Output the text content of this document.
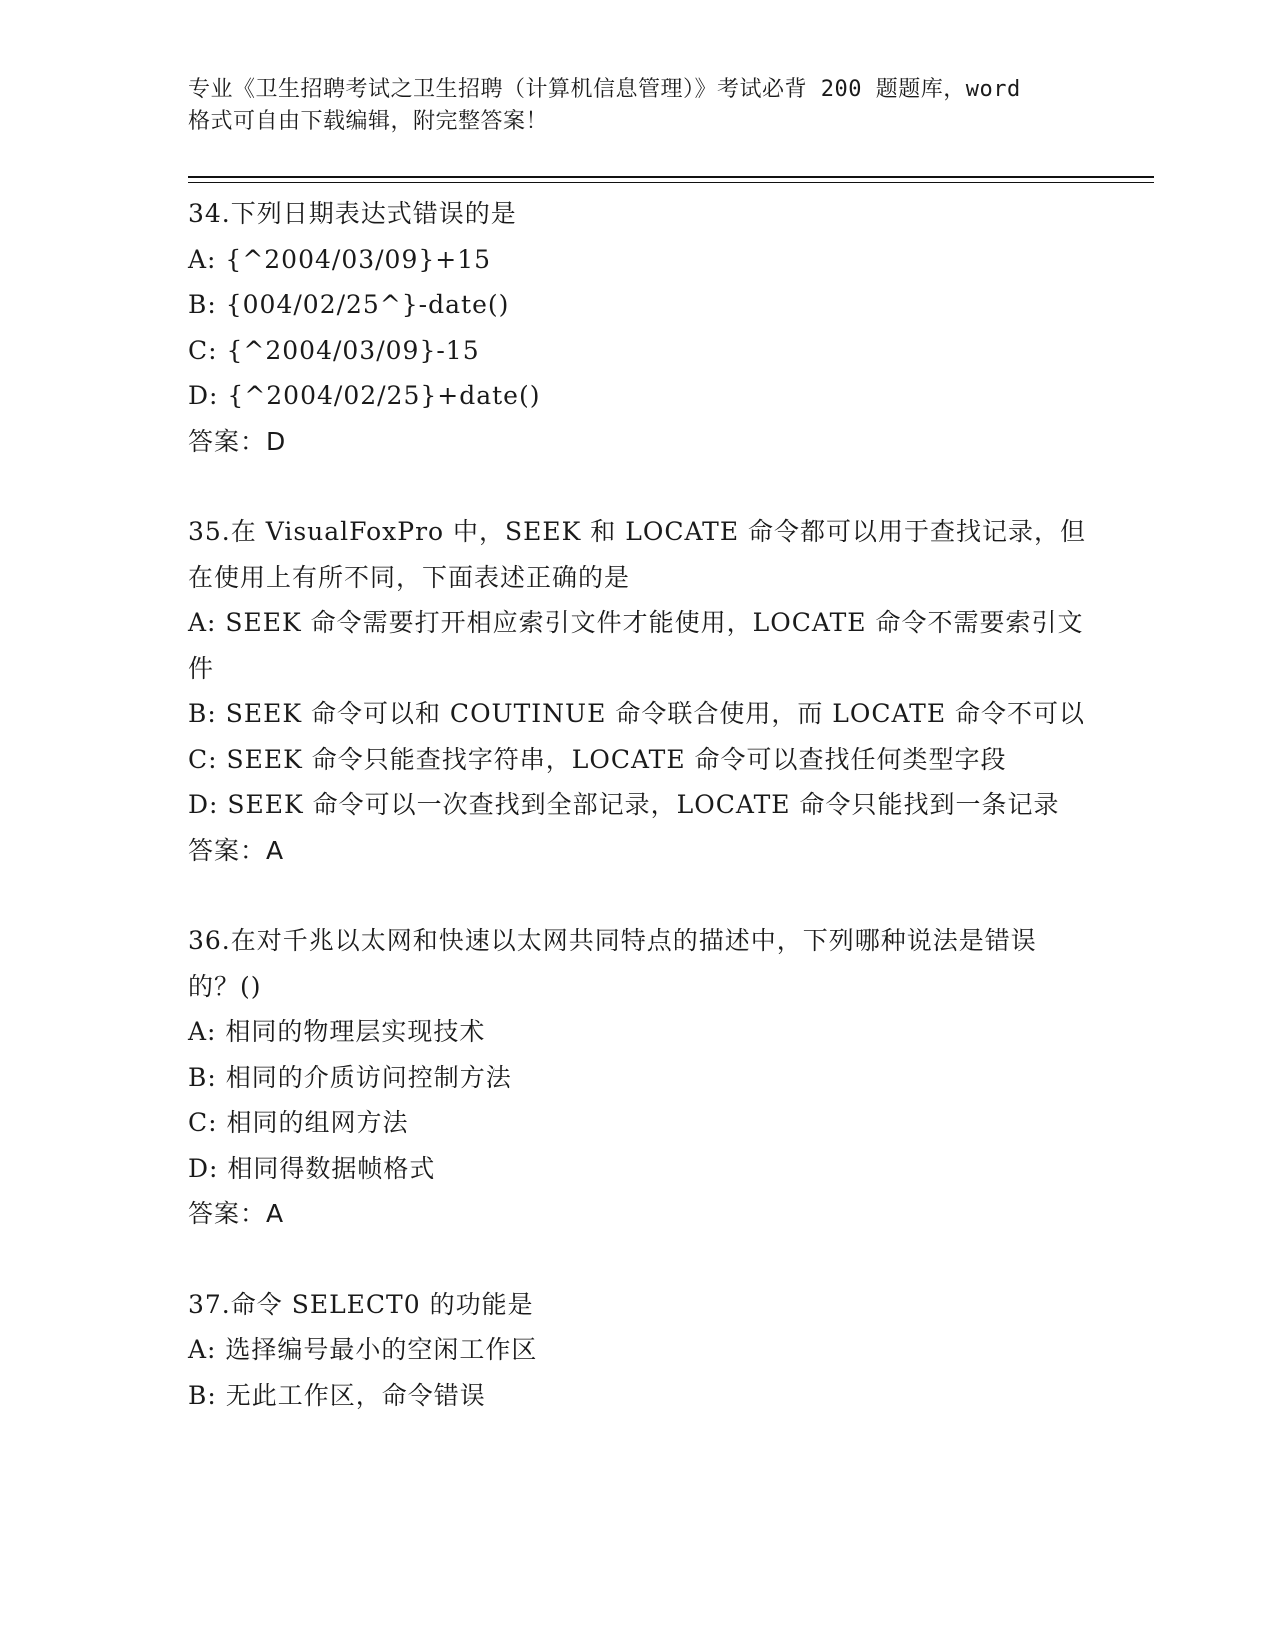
专业《卫生招聘考试之卫生招聘（计算机信息管理）》考试必背 200 题题库，word
格式可自由下载编辑，附完整答案！
34.下列日期表达式错误的是
A: {^2004/03/09}+15
B: {004/02/25^}-date()
C: {^2004/03/09}-15
D: {^2004/02/25}+date()
答案：D
35.在 VisualFoxPro 中，SEEK 和 LOCATE 命令都可以用于查找记录，但在使用上有所不同，下面表述正确的是
A: SEEK 命令需要打开相应索引文件才能使用，LOCATE 命令不需要索引文件
B: SEEK 命令可以和 COUTINUE 命令联合使用，而 LOCATE 命令不可以
C: SEEK 命令只能查找字符串，LOCATE 命令可以查找任何类型字段
D: SEEK 命令可以一次查找到全部记录，LOCATE 命令只能找到一条记录
答案：A
36.在对千兆以太网和快速以太网共同特点的描述中，下列哪种说法是错误的？()
A: 相同的物理层实现技术
B: 相同的介质访问控制方法
C: 相同的组网方法
D: 相同得数据帧格式
答案：A
37.命令 SELECT0 的功能是
A: 选择编号最小的空闲工作区
B: 无此工作区，命令错误
